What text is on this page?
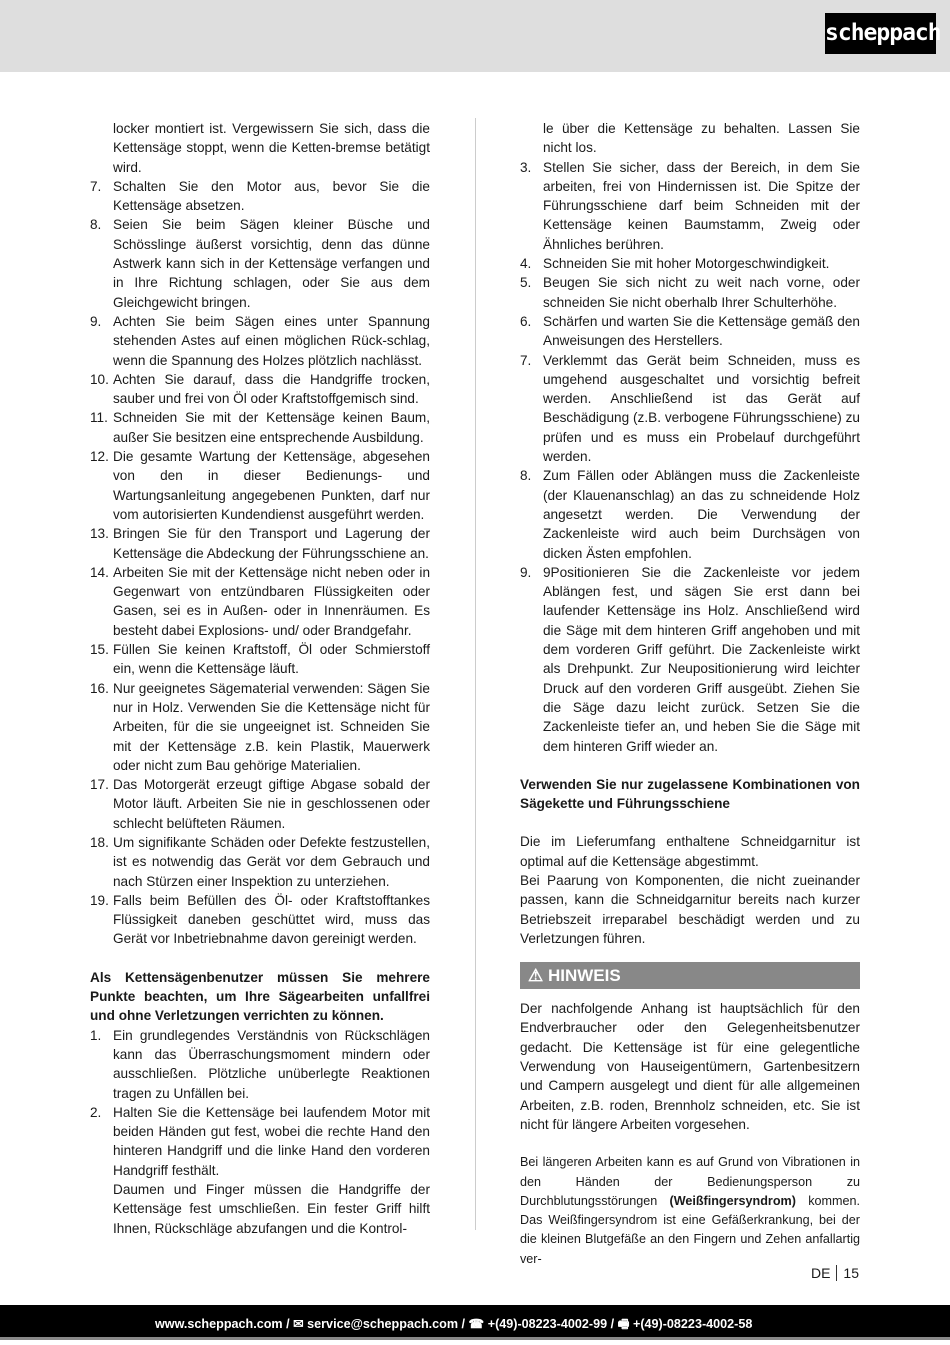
scheppach

locker montiert ist. Vergewissern Sie sich, dass die Kettensäge stoppt, wenn die Ketten-bremse betätigt wird.

7. Schalten Sie den Motor aus, bevor Sie die Kettensäge absetzen.
8. Seien Sie beim Sägen kleiner Büsche und Schösslinge äußerst vorsichtig, denn das dünne Astwerk kann sich in der Kettensäge verfangen und in Ihre Richtung schlagen, oder Sie aus dem Gleichgewicht bringen.
9. Achten Sie beim Sägen eines unter Spannung stehenden Astes auf einen möglichen Rück-schlag, wenn die Spannung des Holzes plötzlich nachlässt.
10. Achten Sie darauf, dass die Handgriffe trocken, sauber und frei von Öl oder Kraftstoffgemisch sind.
11. Schneiden Sie mit der Kettensäge keinen Baum, außer Sie besitzen eine entsprechende Ausbildung.
12. Die gesamte Wartung der Kettensäge, abgesehen von den in dieser Bedienungs- und Wartungsanleitung angegebenen Punkten, darf nur vom autorisierten Kundendienst ausgeführt werden.
13. Bringen Sie für den Transport und Lagerung der Kettensäge die Abdeckung der Führungsschiene an.
14. Arbeiten Sie mit der Kettensäge nicht neben oder in Gegenwart von entzündbaren Flüssigkeiten oder Gasen, sei es in Außen- oder in Innenräumen. Es besteht dabei Explosions- und/ oder Brandgefahr.
15. Füllen Sie keinen Kraftstoff, Öl oder Schmierstoff ein, wenn die Kettensäge läuft.
16. Nur geeignetes Sägematerial verwenden: Sägen Sie nur in Holz. Verwenden Sie die Kettensäge nicht für Arbeiten, für die sie ungeeignet ist. Schneiden Sie mit der Kettensäge z.B. kein Plastik, Mauerwerk oder nicht zum Bau gehörige Materialien.
17. Das Motorgerät erzeugt giftige Abgase sobald der Motor läuft. Arbeiten Sie nie in geschlossenen oder schlecht belüfteten Räumen.
18. Um signifikante Schäden oder Defekte festzustellen, ist es notwendig das Gerät vor dem Gebrauch und nach Stürzen einer Inspektion zu unterziehen.
19. Falls beim Befüllen des Öl- oder Kraftstofftankes Flüssigkeit daneben geschüttet wird, muss das Gerät vor Inbetriebnahme davon gereinigt werden.

Als Kettensägenbenutzer müssen Sie mehrere Punkte beachten, um Ihre Sägearbeiten unfallfrei und ohne Verletzungen verrichten zu können.

1. Ein grundlegendes Verständnis von Rückschlägen kann das Überraschungsmoment mindern oder ausschließen. Plötzliche unüberlegte Reaktionen tragen zu Unfällen bei.
2. Halten Sie die Kettensäge bei laufendem Motor mit beiden Händen gut fest, wobei die rechte Hand den hinteren Handgriff und die linke Hand den vorderen Handgriff festhält.

Daumen und Finger müssen die Handgriffe der Kettensäge fest umschließen. Ein fester Griff hilft Ihnen, Rückschläge abzufangen und die Kontrol-

le über die Kettensäge zu behalten. Lassen Sie nicht los.

3. Stellen Sie sicher, dass der Bereich, in dem Sie arbeiten, frei von Hindernissen ist. Die Spitze der Führungsschiene darf beim Schneiden mit der Kettensäge keinen Baumstamm, Zweig oder Ähnliches berühren.
4. Schneiden Sie mit hoher Motorgeschwindigkeit.
5. Beugen Sie sich nicht zu weit nach vorne, oder schneiden Sie nicht oberhalb Ihrer Schulterhöhe.
6. Schärfen und warten Sie die Kettensäge gemäß den Anweisungen des Herstellers.
7. Verklemmt das Gerät beim Schneiden, muss es umgehend ausgeschaltet und vorsichtig befreit werden. Anschließend ist das Gerät auf Beschädigung (z.B. verbogene Führungsschiene) zu prüfen und es muss ein Probelauf durchgeführt werden.
8. Zum Fällen oder Ablängen muss die Zackenleiste (der Klauenanschlag) an das zu schneidende Holz angesetzt werden. Die Verwendung der Zackenleiste wird auch beim Durchsägen von dicken Ästen empfohlen.
9. 9Positionieren Sie die Zackenleiste vor jedem Ablängen fest, und sägen Sie erst dann bei laufender Kettensäge ins Holz. Anschließend wird die Säge mit dem hinteren Griff angehoben und mit dem vorderen Griff geführt. Die Zackenleiste wirkt als Drehpunkt. Zur Neupositionierung wird leichter Druck auf den vorderen Griff ausgeübt. Ziehen Sie die Säge dazu leicht zurück. Setzen Sie die Zackenleiste tiefer an, und heben Sie die Säge mit dem hinteren Griff wieder an.

Verwenden Sie nur zugelassene Kombinationen von Sägekette und Führungsschiene

Die im Lieferumfang enthaltene Schneidgarnitur ist optimal auf die Kettensäge abgestimmt.

Bei Paarung von Komponenten, die nicht zueinander passen, kann die Schneidgarnitur bereits nach kurzer Betriebszeit irreparabel beschädigt werden und zu Verletzungen führen.

⚠ HINWEIS

Der nachfolgende Anhang ist hauptsächlich für den Endverbraucher oder den Gelegenheitsbenutzer gedacht. Die Kettensäge ist für eine gelegentliche Verwendung von Hauseigentümern, Gartenbesitzern und Campern ausgelegt und dient für alle allgemeinen Arbeiten, z.B. roden, Brennholz schneiden, etc. Sie ist nicht für längere Arbeiten vorgesehen.

Bei längeren Arbeiten kann es auf Grund von Vibrationen in den Händen der Bedienungsperson zu Durchblutungsstörungen (Weißfingersyndrom) kommen. Das Weißfingersyndrom ist eine Gefäßerkrankung, bei der die kleinen Blutgefäße an den Fingern und Zehen anfallartig ver-

DE 15
www.scheppach.com / ✉ service@scheppach.com / ☎ +(49)-08223-4002-99 / 🖷 +(49)-08223-4002-58
